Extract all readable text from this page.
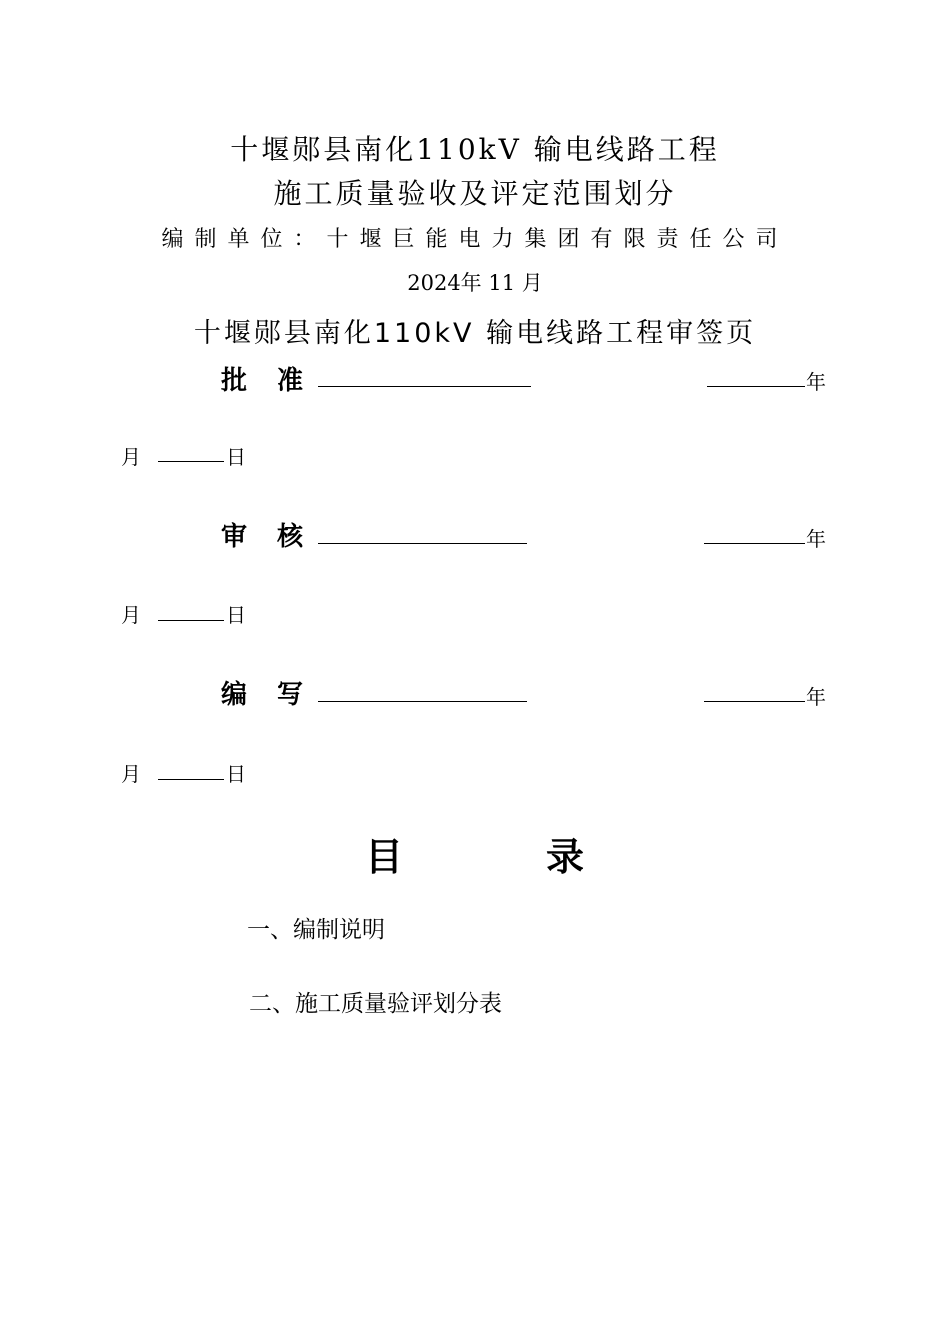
十堰郧县南化110kV 输电线路工程
施工质量验收及评定范围划分
编制单位：十堰巨能电力集团有限责任公司
2024年 11 月
十堰郧县南化110kV 输电线路工程审签页
批 准	年
月	日
审 核	年
月	日
编 写	年
月	日
目	录
一、编制说明
二、施工质量验评划分表
